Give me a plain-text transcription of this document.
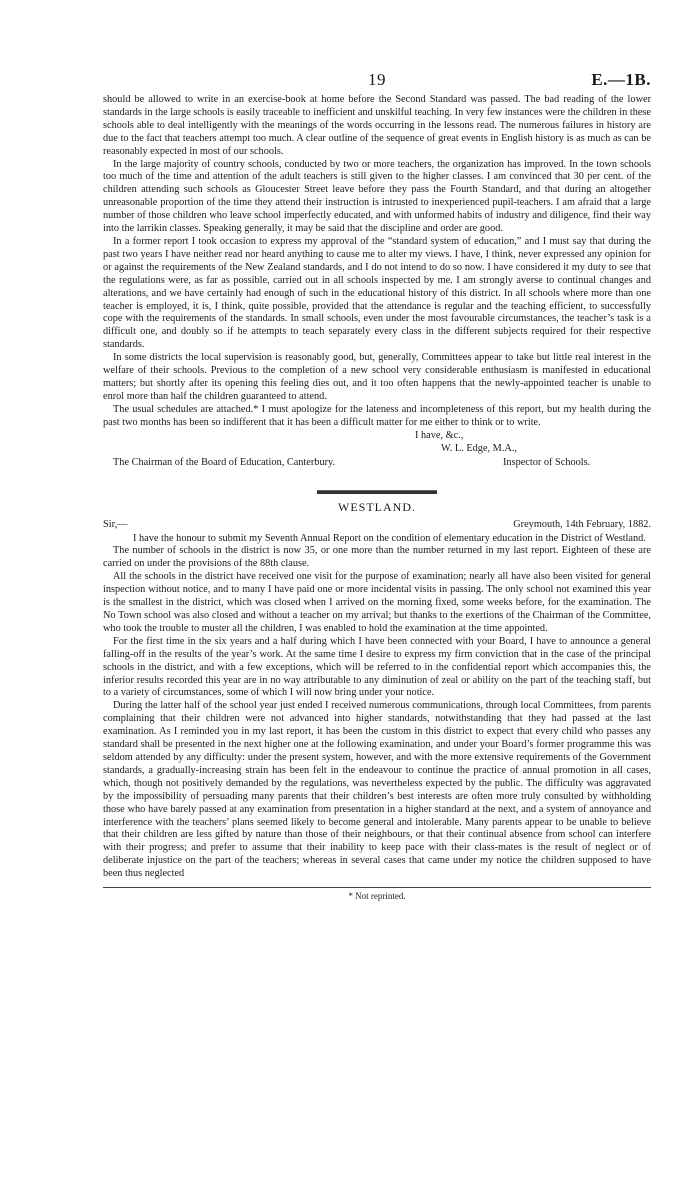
19	E.—1B.

should be allowed to write in an exercise-book at home before the Second Standard was passed. The bad reading of the lower standards in the large schools is easily traceable to inefficient and unskilful teaching. In very few instances were the children in these schools able to deal intelligently with the meanings of the words occurring in the lessons read. The numerous failures in history are due to the fact that teachers attempt too much. A clear outline of the sequence of great events in English history is as much as can be reasonably expected in most of our schools.

In the large majority of country schools, conducted by two or more teachers, the organization has improved. In the town schools too much of the time and attention of the adult teachers is still given to the higher classes. I am convinced that 30 per cent. of the children attending such schools as Gloucester Street leave before they pass the Fourth Standard, and that during an altogether unreasonable proportion of the time they attend their instruction is intrusted to inexperienced pupil-teachers. I am afraid that a large number of those children who leave school imperfectly educated, and with unformed habits of industry and diligence, find their way into the larrikin classes. Speaking generally, it may be said that the discipline and order are good.

In a former report I took occasion to express my approval of the “standard system of education,” and I must say that during the past two years I have neither read nor heard anything to cause me to alter my views. I have, I think, never expressed any opinion for or against the requirements of the New Zealand standards, and I do not intend to do so now. I have considered it my duty to see that the regulations were, as far as possible, carried out in all schools inspected by me. I am strongly averse to continual changes and alterations, and we have certainly had enough of such in the educational history of this district. In all schools where more than one teacher is employed, it is, I think, quite possible, provided that the attendance is regular and the teaching efficient, to successfully cope with the requirements of the standards. In small schools, even under the most favourable circumstances, the teacher’s task is a difficult one, and doubly so if he attempts to teach separately every class in the different subjects required for their respective standards.

In some districts the local supervision is reasonably good, but, generally, Committees appear to take but little real interest in the welfare of their schools. Previous to the completion of a new school very considerable enthusiasm is manifested in educational matters; but shortly after its opening this feeling dies out, and it too often happens that the newly-appointed teacher is unable to enrol more than half the children guaranteed to attend.

The usual schedules are attached.* I must apologize for the lateness and incompleteness of this report, but my health during the past two months has been so indifferent that it has been a difficult matter for me either to think or to write.

I have, &c.,
W. L. Edge, M.A.,
The Chairman of the Board of Education, Canterbury.	Inspector of Schools.
WESTLAND.
Sir,—	Greymouth, 14th February, 1882.

I have the honour to submit my Seventh Annual Report on the condition of elementary education in the District of Westland.

The number of schools in the district is now 35, or one more than the number returned in my last report. Eighteen of these are carried on under the provisions of the 88th clause.

All the schools in the district have received one visit for the purpose of examination; nearly all have also been visited for general inspection without notice, and to many I have paid one or more incidental visits in passing. The only school not examined this year is the smallest in the district, which was closed when I arrived on the morning fixed, some weeks before, for the examination. The No Town school was also closed and without a teacher on my arrival; but thanks to the exertions of the Chairman of the Committee, who took the trouble to muster all the children, I was enabled to hold the examination at the time appointed.

For the first time in the six years and a half during which I have been connected with your Board, I have to announce a general falling-off in the results of the year’s work. At the same time I desire to express my firm conviction that in the case of the principal schools in the district, and with a few exceptions, which will be referred to in the confidential report which accompanies this, the inferior results recorded this year are in no way attributable to any diminution of zeal or ability on the part of the teaching staff, but to a variety of circumstances, some of which I will now bring under your notice.

During the latter half of the school year just ended I received numerous communications, through local Committees, from parents complaining that their children were not advanced into higher standards, notwithstanding that they had passed at the last examination. As I reminded you in my last report, it has been the custom in this district to expect that every child who passes any standard shall be presented in the next higher one at the following examination, and under your Board’s former programme this was seldom attended by any difficulty: under the present system, however, and with the more extensive requirements of the Government standards, a gradually-increasing strain has been felt in the endeavour to continue the practice of annual promotion in all cases, which, though not positively demanded by the regulations, was nevertheless expected by the public. The difficulty was aggravated by the impossibility of persuading many parents that their children’s best interests are often more truly consulted by withholding those who have barely passed at any examination from presentation in a higher standard at the next, and a system of annoyance and interference with the teachers’ plans seemed likely to become general and intolerable. Many parents appear to be unable to believe that their children are less gifted by nature than those of their neighbours, or that their continual absence from school can interfere with their progress; and prefer to assume that their inability to keep pace with their class-mates is the result of neglect or of deliberate injustice on the part of the teachers; whereas in several cases that came under my notice the children supposed to have been thus neglected

* Not reprinted.
